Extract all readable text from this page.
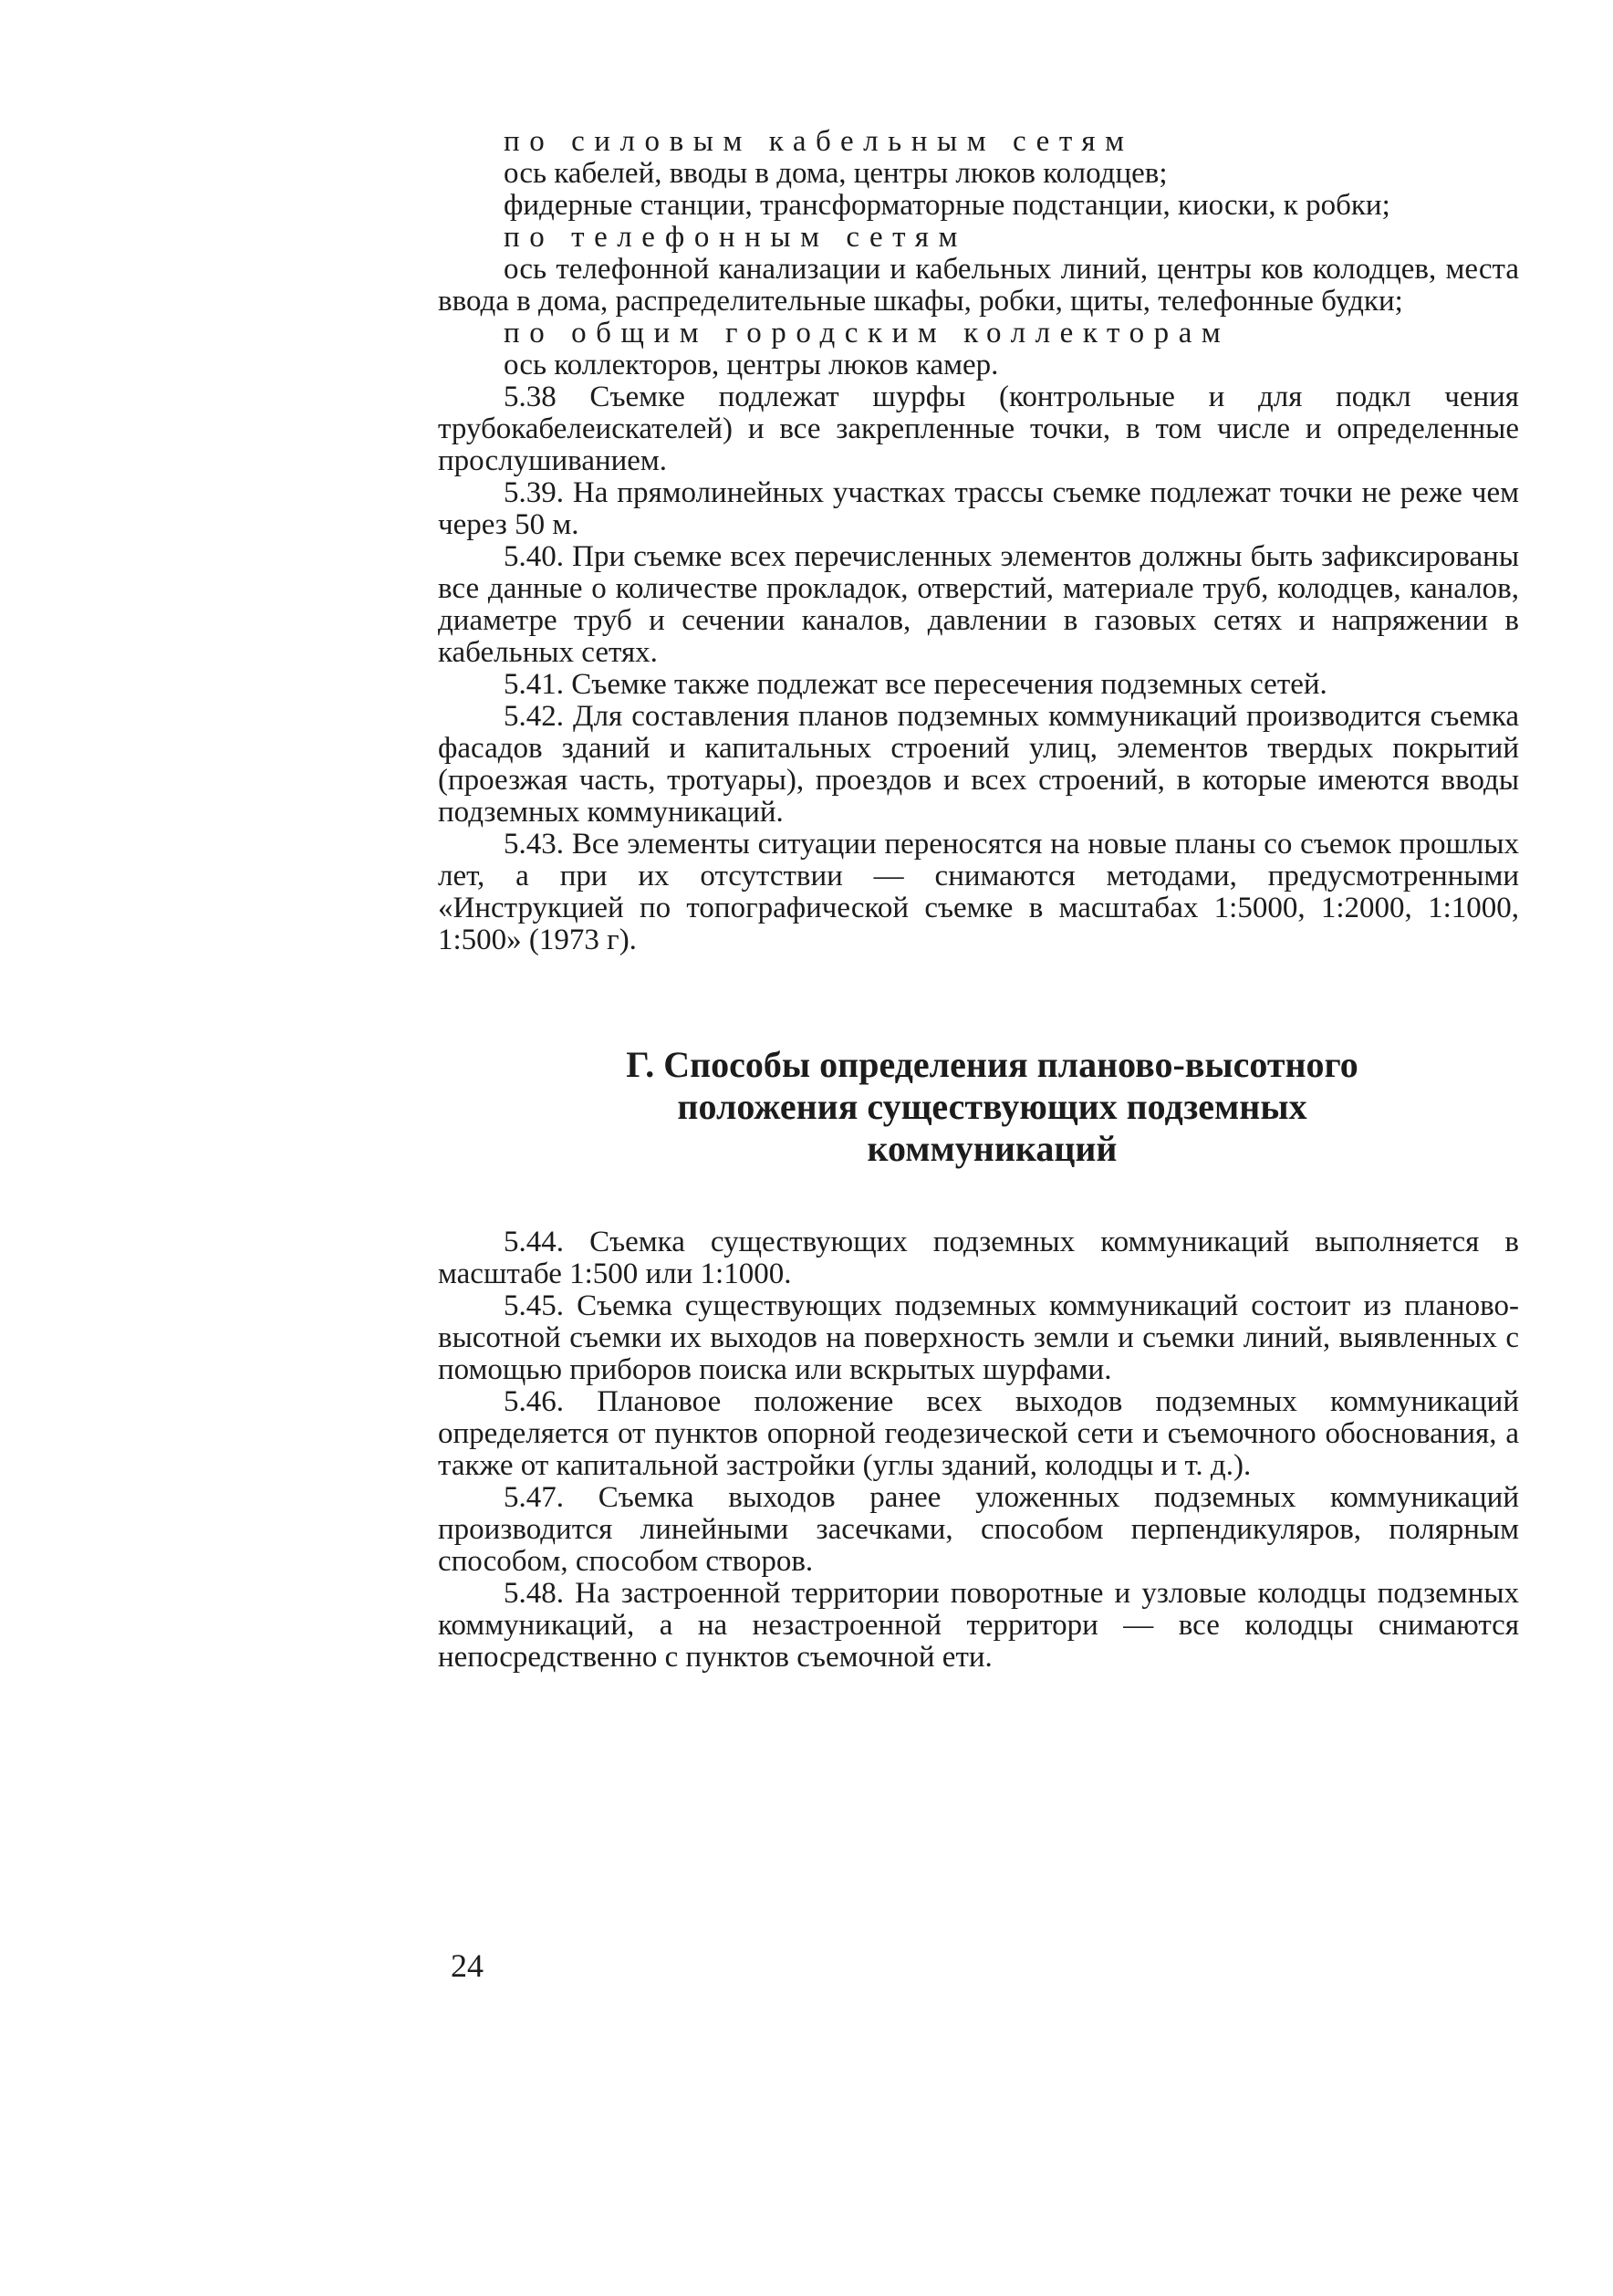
по силовым кабельным сетям

ось кабелей, вводы в дома, центры люков колодцев;

фидерные станции, трансформаторные подстанции, киоски, к робки;

по телефонным сетям

ось телефонной канализации и кабельных линий, центры ков колодцев, места ввода в дома, распределительные шкафы, робки, щиты, телефонные будки;

по общим городским коллекторам

ось коллекторов, центры люков камер.

5.38 Съемке подлежат шурфы (контрольные и для подкл чения трубокабелеискателей) и все закрепленные точки, в том числе и определенные прослушиванием.

5.39. На прямолинейных участках трассы съемке подлежат точки не реже чем через 50 м.

5.40. При съемке всех перечисленных элементов должны быть зафиксированы все данные о количестве прокладок, отверстий, материале труб, колодцев, каналов, диаметре труб и сечении каналов, давлении в газовых сетях и напряжении в кабельных сетях.

5.41. Съемке также подлежат все пересечения подземных сетей.

5.42. Для составления планов подземных коммуникаций производится съемка фасадов зданий и капитальных строений улиц, элементов твердых покрытий (проезжая часть, тротуары), проездов и всех строений, в которые имеются вводы подземных коммуникаций.

5.43. Все элементы ситуации переносятся на новые планы со съемок прошлых лет, а при их отсутствии — снимаются методами, предусмотренными «Инструкцией по топографической съемке в масштабах 1:5000, 1:2000, 1:1000, 1:500» (1973 г).

Г. Способы определения планово-высотного
положения существующих подземных
коммуникаций

5.44. Съемка существующих подземных коммуникаций выполняется в масштабе 1:500 или 1:1000.

5.45. Съемка существующих подземных коммуникаций состоит из планово-высотной съемки их выходов на поверхность земли и съемки линий, выявленных с помощью приборов поиска или вскрытых шурфами.

5.46. Плановое положение всех выходов подземных коммуникаций определяется от пунктов опорной геодезической сети и съемочного обоснования, а также от капитальной застройки (углы зданий, колодцы и т. д.).

5.47. Съемка выходов ранее уложенных подземных коммуникаций производится линейными засечками, способом перпендикуляров, полярным способом, способом створов.

5.48. На застроенной территории поворотные и узловые колодцы подземных коммуникаций, а на незастроенной территори — все колодцы снимаются непосредственно с пунктов съемочной ети.

24
